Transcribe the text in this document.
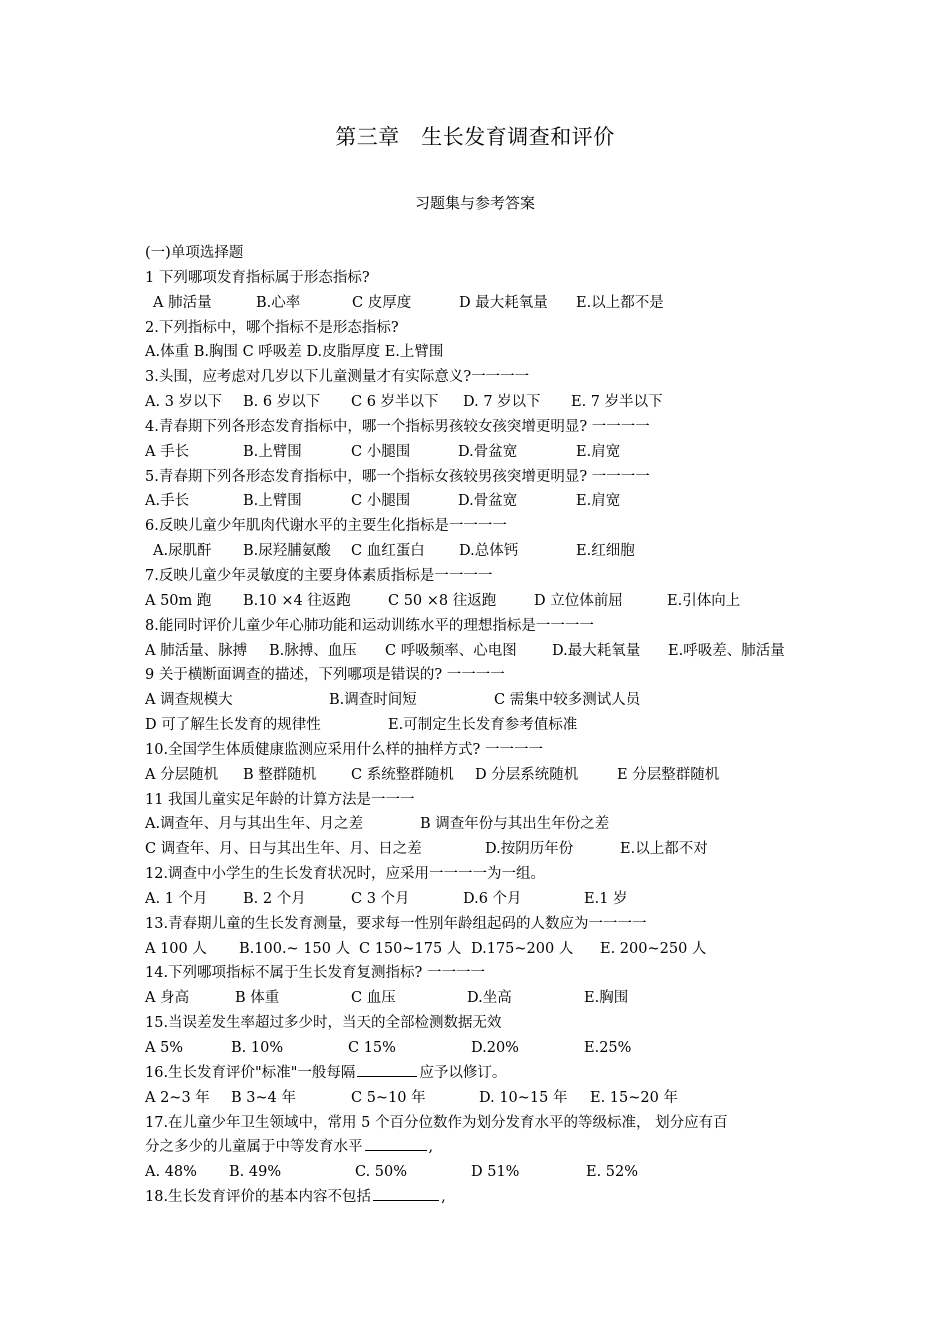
第三章　生长发育调查和评价
习题集与参考答案
(一)单项选择题
1 下列哪项发育指标属于形态指标?
A 肺活量	B.心率	C 皮厚度	D 最大耗氧量 E.以上都不是
2.下列指标中，哪个指标不是形态指标?
A.体重 B.胸围 C 呼吸差 D.皮脂厚度 E.上臂围
3.头围，应考虑对几岁以下儿童测量才有实际意义?一一一一
A. 3 岁以下 B. 6 岁以下 C 6 岁半以下 D. 7 岁以下 E. 7 岁半以下
4.青春期下列各形态发育指标中，哪一个指标男孩较女孩突增更明显? 一一一一
A 手长	B.上臂围	C 小腿围	D.骨盆宽	E.肩宽
5.青春期下列各形态发育指标中，哪一个指标女孩较男孩突增更明显? 一一一一
A.手长	B.上臂围	C 小腿围	D.骨盆宽	E.肩宽
6.反映儿童少年肌肉代谢水平的主要生化指标是一一一一
A.尿肌酐 B.尿羟脯氨酸 C 血红蛋白 D.总体钙	E.红细胞
7.反映儿童少年灵敏度的主要身体素质指标是一一一一
A 50m 跑 B.10 ×4 往返跑	C 50 ×8 往返跑	D 立位体前屈	E.引体向上
8.能同时评价儿童少年心肺功能和运动训练水平的理想指标是一一一一
A 肺活量、脉搏 B.脉搏、血压 C 呼吸频率、心电图 D.最大耗氧量 E.呼吸差、肺活量
9 关于横断面调查的描述，下列哪项是错误的? 一一一一
A 调查规模大	B.调查时间短	C 需集中较多测试人员
D 可了解生长发育的规律性	E.可制定生长发育参考值标准
10.全国学生体质健康监测应采用什么样的抽样方式? 一一一一
A 分层随机 B 整群随机 C 系统整群随机 D 分层系统随机	E 分层整群随机
11 我国儿童实足年龄的计算方法是一一一
A.调查年、月与其出生年、月之差	B 调查年份与其出生年份之差
C 调查年、月、日与其出生年、月、日之差	D.按阴历年份	E.以上都不对
12.调查中小学生的生长发育状况时，应采用一一一一为一组。
A. 1 个月 B. 2 个月	C 3 个月	D.6 个月	E.1 岁
13.青春期儿童的生长发育测量，要求每一性别年龄组起码的人数应为一一一一
A 100 人 B.100.~ 150 人 C 150~175 人 D.175~200 人 E. 200~250 人
14.下列哪项指标不属于生长发育复测指标? 一一一一
A 身高	B 体重	C 血压	D.坐高	E.胸围
15.当误差发生率超过多少时，当天的全部检测数据无效
A 5%	B. 10%	C 15%	D.20%	E.25%
16.生长发育评价"标准"一般每隔	应予以修订。
A 2~3 年 B 3~4 年	C 5~10 年	D. 10~15 年 E. 15~20 年
17.在儿童少年卫生领域中，常用 5 个百分位数作为划分发育水平的等级标准， 划分应有百
分之多少的儿童属于中等发育水平	,
A. 48% B. 49%	C. 50%	D 51%	E. 52%
18.生长发育评价的基本内容不包括	,
